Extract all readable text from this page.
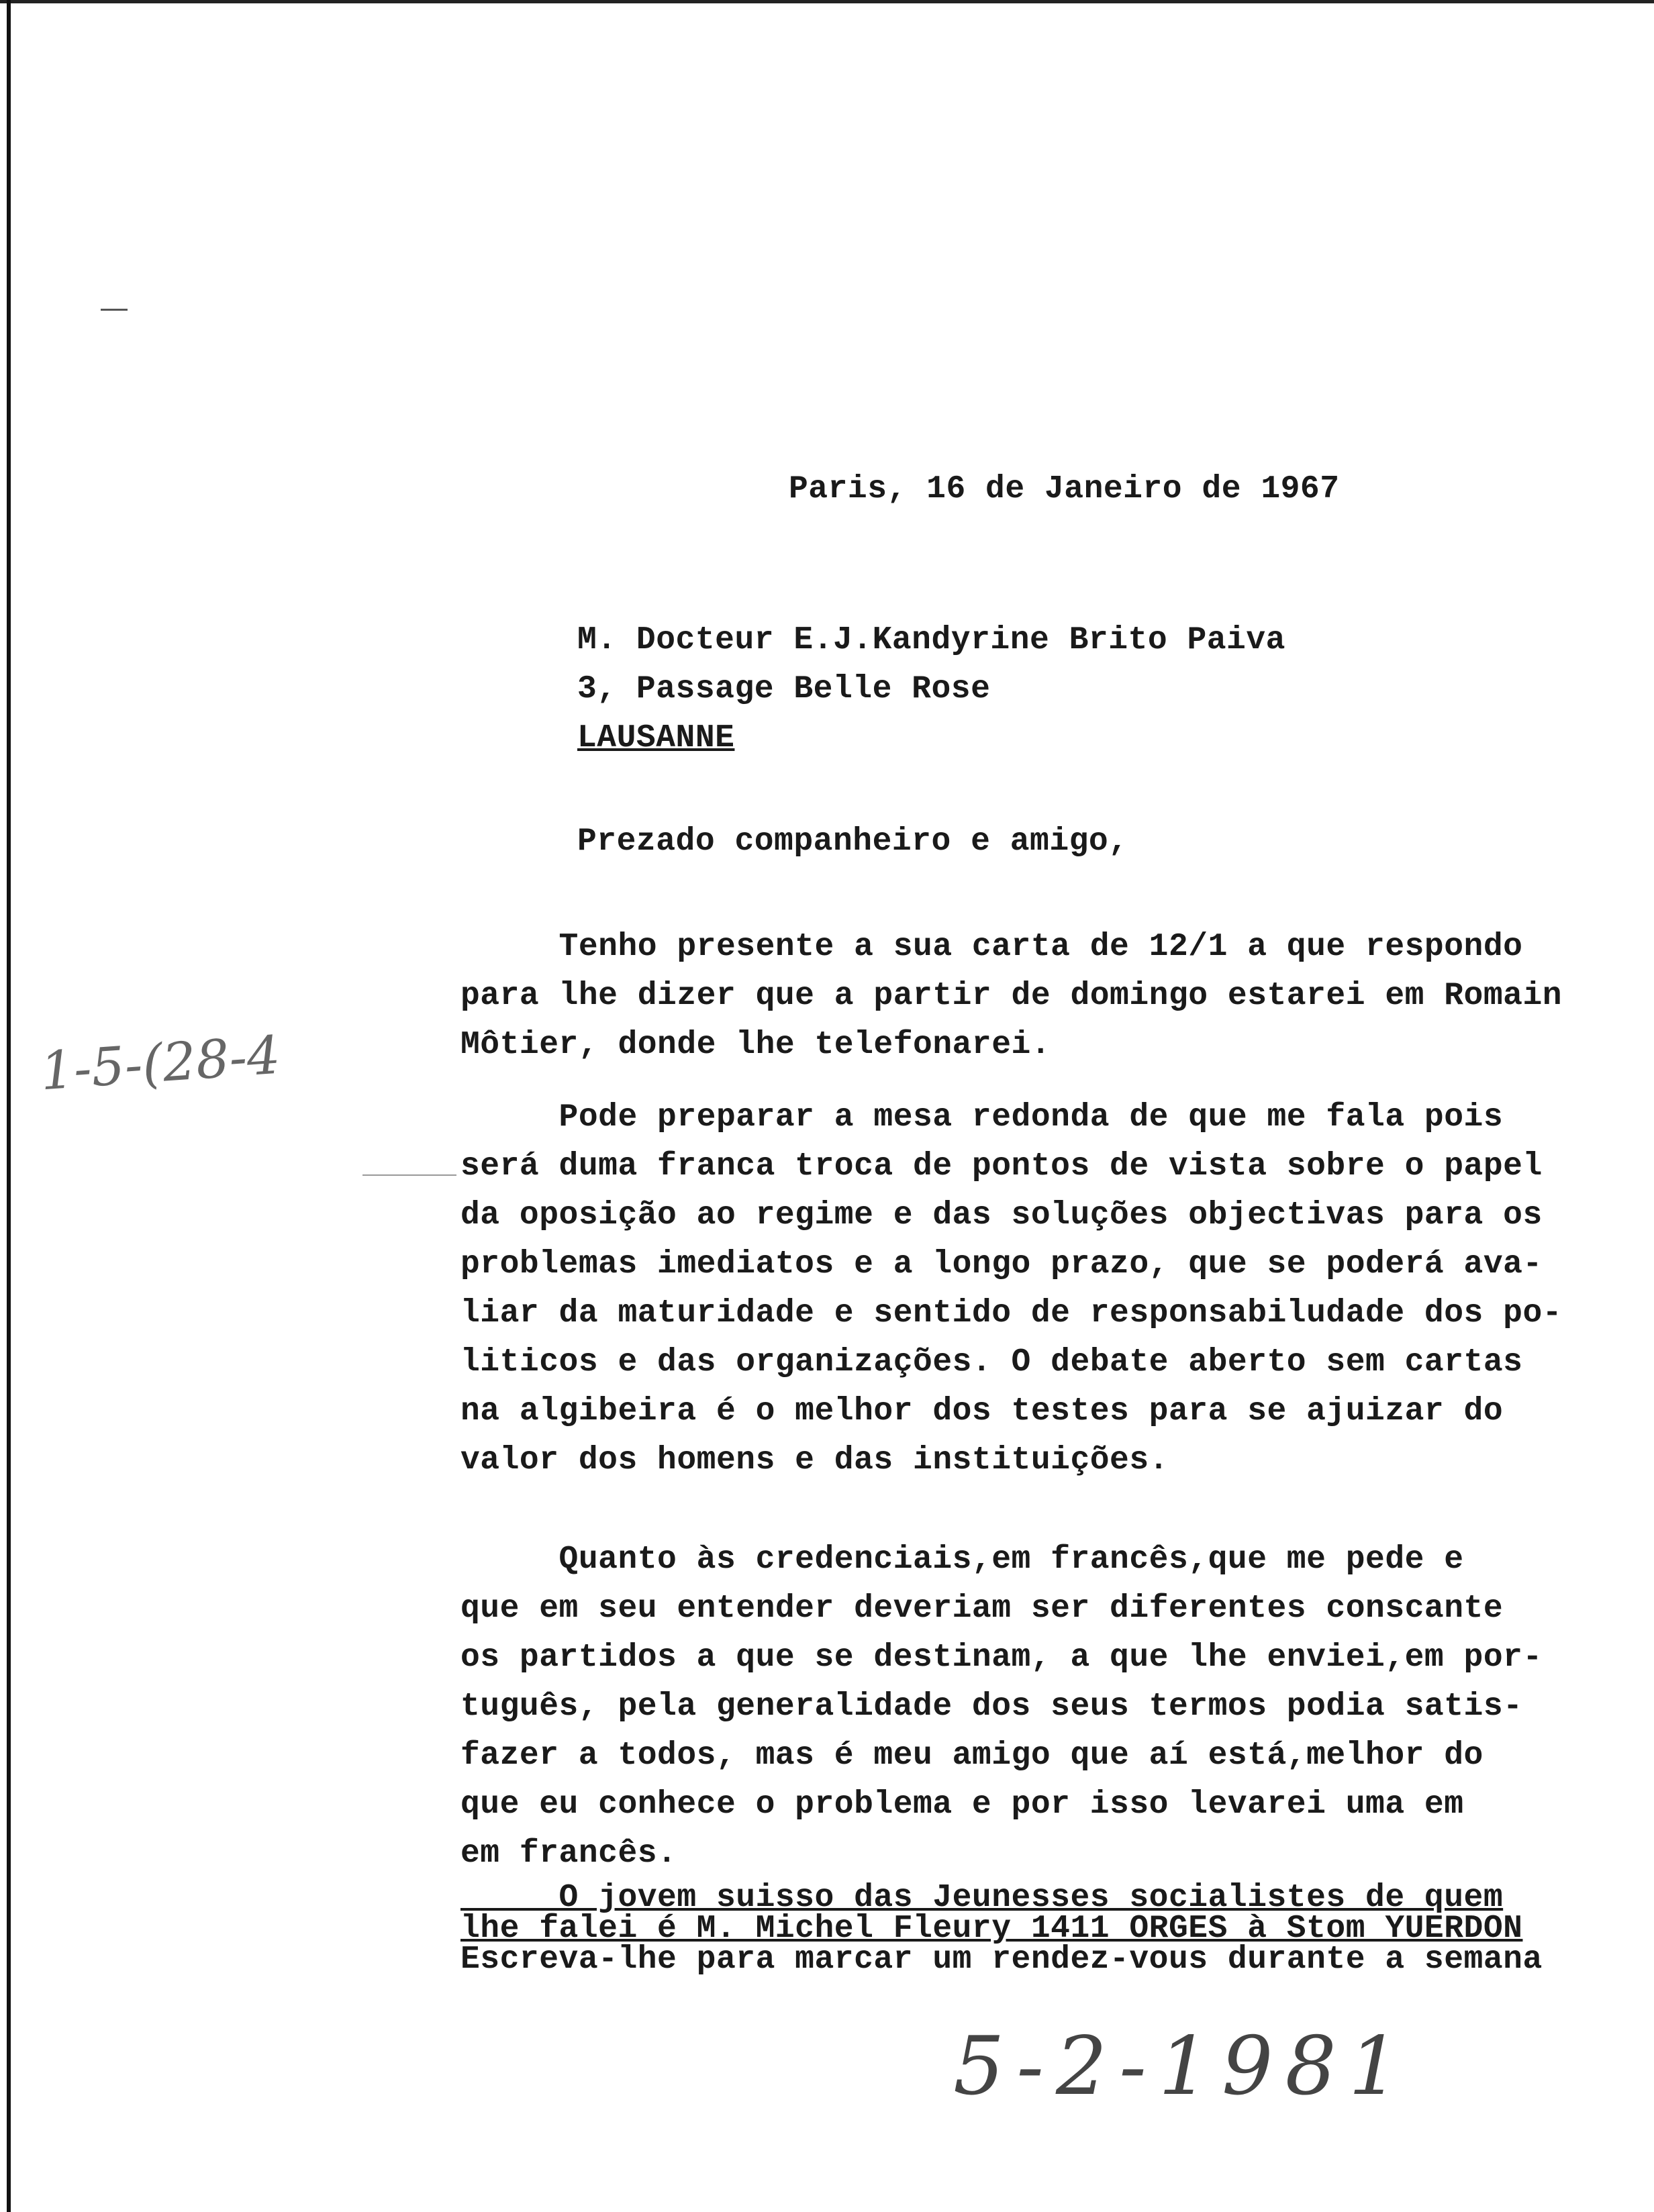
Paris, 16 de Janeiro de 1967
M. Docteur E.J.Kandyrine Brito Paiva
3, Passage Belle Rose
LAUSANNE
Prezado companheiro e amigo,
Tenho presente a sua carta de 12/1 a que respondo
para lhe dizer que a partir de domingo estarei em Romain
Môtier, donde lhe telefonarei.
Pode preparar a mesa redonda de que me fala pois
será duma franca troca de pontos de vista sobre o papel
da oposição ao regime e das soluções objectivas para os
problemas imediatos e a longo prazo, que se poderá ava-
liar da maturidade e sentido de responsabiludade dos po-
liticos e das organizações. O debate aberto sem cartas
na algibeira é o melhor dos testes para se ajuizar do
valor dos homens e das instituições.
Quanto às credenciais,em francês,que me pede e
que em seu entender deveriam ser diferentes conscante
os partidos a que se destinam, a que lhe enviei,em por-
tuguês, pela generalidade dos seus termos podia satis-
fazer a todos, mas é meu amigo que aí está,melhor do
que eu conhece o problema e por isso levarei uma em
em francês.
O jovem suisso das Jeunesses socialistes de quem
lhe falei é M. Michel Fleury 1411 ORGES à Stom YUERDON
Escreva-lhe para marcar um rendez-vous durante a semana
1-5-(28-4
5-2-1981
